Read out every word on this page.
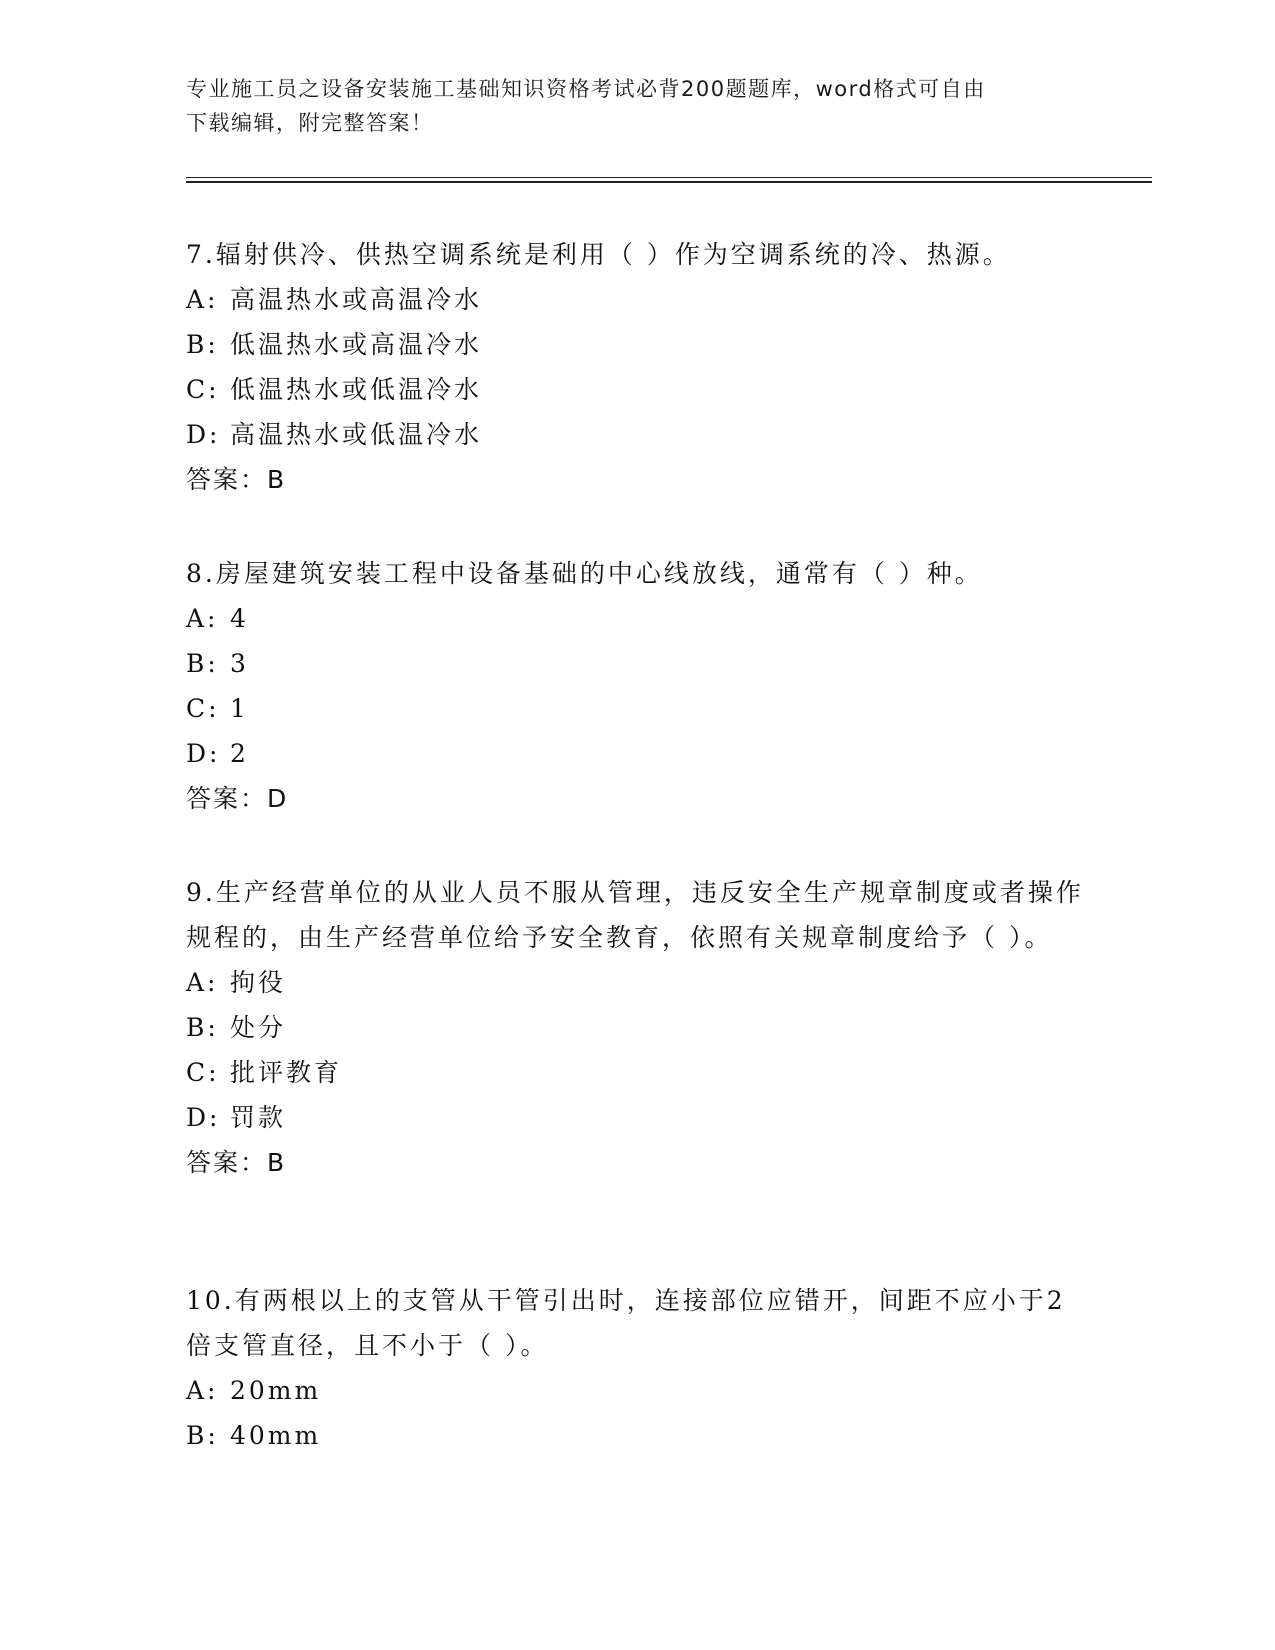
专业施工员之设备安装施工基础知识资格考试必背200题题库，word格式可自由

下载编辑，附完整答案！

7.辐射供冷、供热空调系统是利用（ ）作为空调系统的冷、热源。

A: 高温热水或高温冷水
B: 低温热水或高温冷水
C: 低温热水或低温冷水
D: 高温热水或低温冷水

答案：B

8.房屋建筑安装工程中设备基础的中心线放线，通常有（ ）种。

A: 4
B: 3
C: 1
D: 2

答案：D

9.生产经营单位的从业人员不服从管理，违反安全生产规章制度或者操作规程的，由生产经营单位给予安全教育，依照有关规章制度给予（ ）。

A: 拘役
B: 处分
C: 批评教育
D: 罚款

答案：B

10.有两根以上的支管从干管引出时，连接部位应错开，间距不应小于2倍支管直径，且不小于（ ）。

A: 20mm
B: 40mm
